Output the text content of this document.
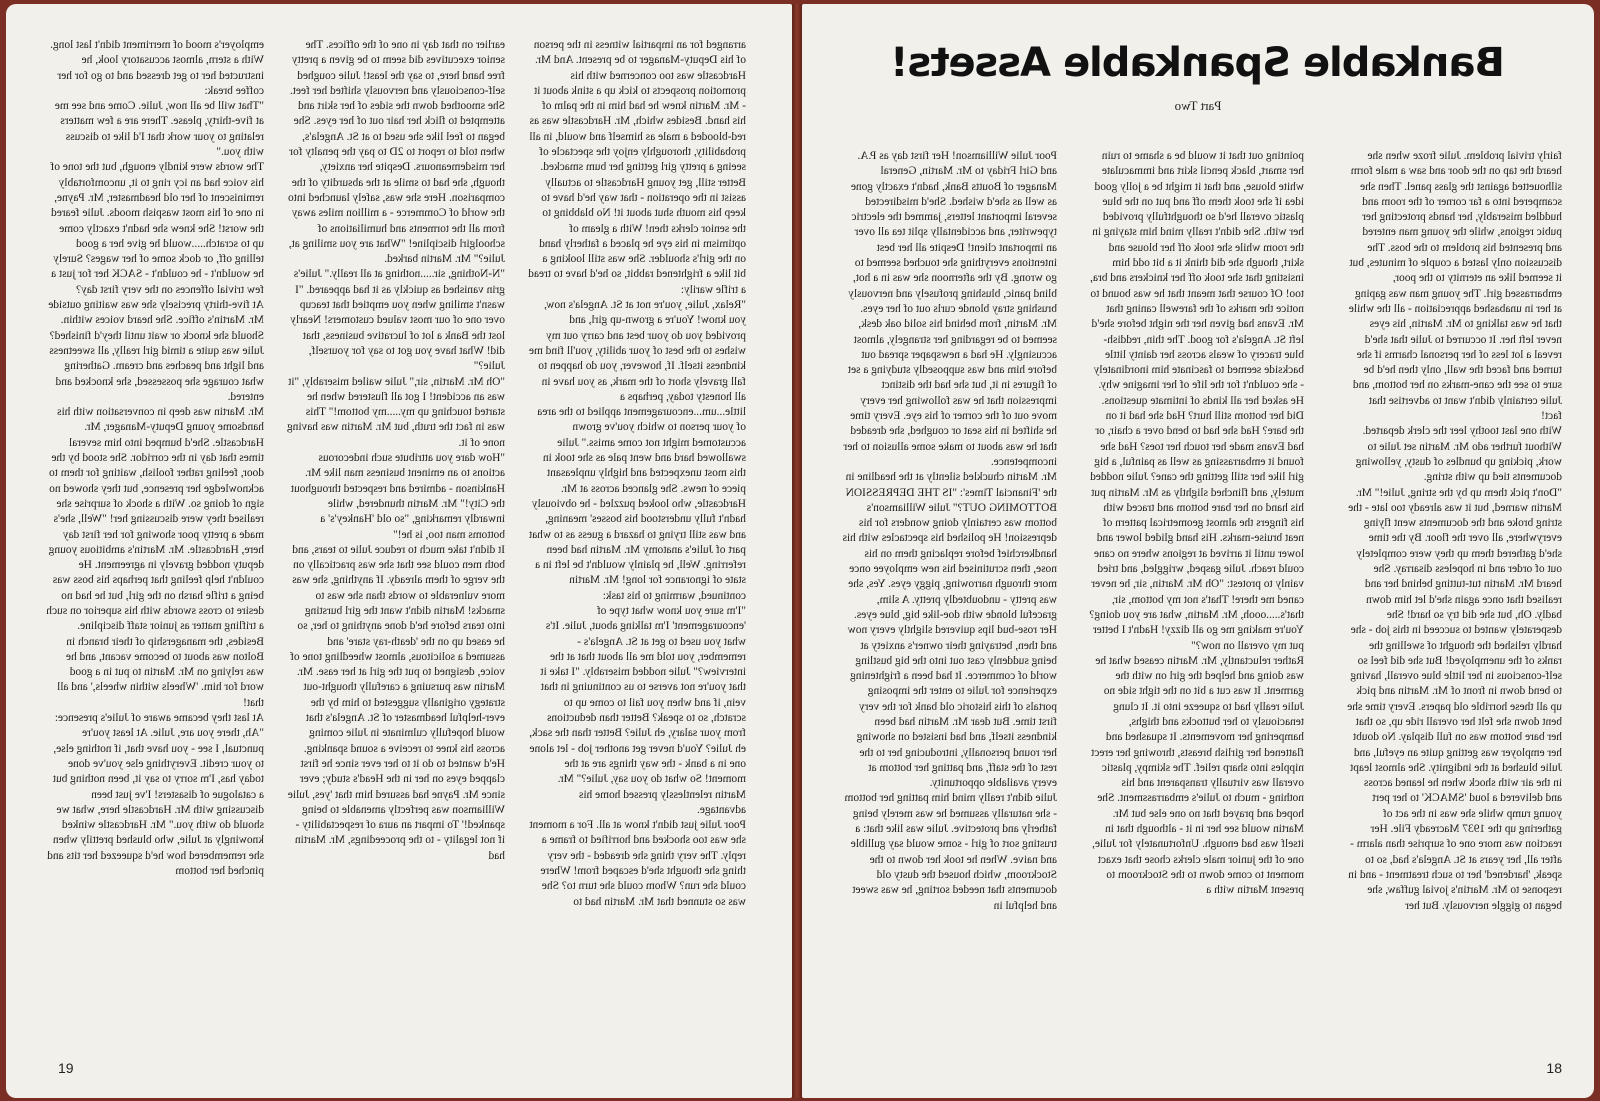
arranged for an impartial witness in the person of his Deputy-Manager to be present. And Mr. Hardcastle was too concerned with his promotion prospects to kick up a stink about it - Mr. Martin knew he had him in the palm of his hand. Besides which, Mr. Hardcastle was as red-blooded a male as himself and would, in all probability, thoroughly enjoy the spectacle of seeing a pretty girl getting her bum smacked. Better still, get young Hardcastle to actually assist in the operation - that way he'd have to keep his mouth shut about it! No blabbing to the senior clerks then! With a gleam of optimism in his eye he placed a fatherly hand on the girl's shoulder. She was still looking a bit like a frightened rabbit, so he'd have to tread a trifle warily:
"Relax, Julie, you're not at St. Angela's now, you know! You're a grown-up girl, and provided you do your best and carry out my wishes to the best of your ability, you'll find me kindness itself. If, however, you do happen to fall gravely short of the mark, as you have in all honesty today, perhaps a little...um...encouragement applied to the area of your person to which you've grown accustomed might not come amiss." Julie swallowed hard and went pale as she took in this most unexpected and highly unpleasant piece of news. She glanced across at Mr. Hardcastle, who looked puzzled - he obviously hadn't fully understood his bosses' meaning, and was still trying to hazard a guess as to what part of Julie's anatomy Mr. Martin had been referring. Well, he plainly wouldn't be left in a state of ignorance for long! Mr. Martin continued, warming to his task:
"I'm sure you know what type of 'encouragement' I'm talking about, Julie. It's what you used to get at St. Angela's - remember, you told me all about that at the interview?" Julie nodded miserably. "I take it that you're not averse to us continuing in that vein, if and when you fail to come up to scratch, so to speak? Better than deductions from your salary, eh Julie? Better than the sack, eh Julie? You'd never get another job - let alone one in a bank - the way things are at the moment! So what do you say, Julie?" Mr. Martin relentlessly pressed home his advantage.
Poor Julie just didn't know at all. For a moment she was too shocked and horrified to frame a reply. The very thing she dreaded - the very thing she thought she'd escaped from! Where could she run? Whom could she turn to? She was so stunned that Mr. Martin had to
earlier on that day in one of the offices. The senior executives did seem to be given a pretty free hand here, to say the least! Julie coughed self-consciously and nervously shifted her feet. She smoothed down the sides of her skirt and attempted to flick her hair out of her eyes. She began to feel like she used to at St. Angela's, when told to report to 2D to pay the penalty for her misdemeanours. Despite her anxiety, though, she had to smile at the absurdity of the comparison. Here she was, safely launched into the world of Commerce - a million miles away from all the torments and humiliations of schoolgirl discipline! "What are you smiling at, Julie?" Mr. Martin barked.
"N-Nothing, sir.....nothing at all really." Julie's grin vanished as quickly as it had appeared. "I wasn't smiling when you emptied that teacup over one of our most valued customers! Nearly lost the Bank a lot of lucrative business, that did! What have you got to say for yourself, Julie?"
"Oh Mr. Martin, sir," Julie wailed miserably, "it was an accident! I got all flustered when he started touching up my.....my bottom!" This was in fact the truth, but Mr. Martin was having none of it.
"How dare you attribute such indecorous actions to an eminent business man like Mr. Hankinson - admired and respected throughout the City!" Mr. Martin thundered, while inwardly remarking, "so old 'Hankey's' a bottoms man too, is he!"
It didn't take much to reduce Julie to tears, and both men could see that she was practically on the verge of them already. If anything, she was more vulnerable to words than she was to smacks! Martin didn't want the girl bursting into tears before he'd done anything to her, so he eased up on the 'death-ray stare' and assumed a solicitous, almost wheedling tone of voice, designed to put the girl at her ease. Mr. Martin was pursuing a carefully thought-out strategy originally suggested to him by the ever-helpful headmaster of St. Angela's that would hopefully culminate in Julie coming across his knee to receive a sound spanking. He'd wanted to do it to her ever since he first clapped eyes on her in the Head's study; ever since Mr. Payne had assured him that 'yes, Julie Williamson was perfectly amenable to being spanked!' To impart an aura of respectability - if not legality - to the proceedings, Mr. Martin had
employer's mood of merriment didn't last long. With a stern, almost accusatory look, he instructed her to get dressed and to go for her coffee break:
"That will be all now, Julie. Come and see me at five-thirty, please. There are a few matters relating to your work that I'd like to discuss with you."
The words were kindly enough, but the tone of his voice had an icy ring to it, uncomfortably reminiscent of her old headmaster, Mr. Payne, in one of his most waspish moods. Julie feared the worst! She knew she hadn't exactly come up to scratch.....would he give her a good telling off, or dock some of her wages? Surely he wouldn't - he couldn't - SACK her for just a few trivial offences on the very first day?
At five-thirty precisely she was waiting outside Mr. Martin's office. She heard voices within. Should she knock or wait until they'd finished? Julie was quite a timid girl really, all sweetness and light and peaches and cream. Gathering what courage she possessed, she knocked and entered.
Mr. Martin was deep in conversation with his handsome young Deputy-Manager, Mr. Hardcastle. She'd bumped into him several times that day in the corridor. She stood by the door, feeling rather foolish, waiting for them to acknowledge her presence, but they showed no sign of doing so. With a shock of surprise she realised they were discussing her! "Well, she's made a pretty poor showing for her first day here, Hardcastle. Mr. Martin's ambitious young deputy nodded gravely in agreement. He couldn't help feeling that perhaps his boss was being a trifle harsh on the girl, but he had no desire to cross swords with his superior on such a trifling matter as junior staff discipline. Besides, the managership of their branch in Bolton was about to become vacant, and he was relying on Mr. Martin to put in a good word for him. 'Wheels within wheels,' and all that!
At last they became aware of Julie's presence:
"Ah, there you are, Julie. At least you're punctual, I see - you have that, if nothing else, to your credit. Everything else you've done today has, I'm sorry to say it, been nothing but a catalogue of disasters! I've just been discussing with Mr. Hardcastle here, what we should do with you." Mr. Hardcastle winked knowingly at Julie, who blushed prettily when she remembered how he'd squeezed her tits and pinched her bottom
19
Bankable Spankable Assets!
Part Two
fairly trivial problem. Julie froze when she heard the tap on the door and saw a male form silhouetted against the glass panel. Then she scampered into a far corner of the room and huddled miserably, her hands protecting her pubic regions, while the young man entered and presented his problem to the boss. The discussion only lasted a couple of minutes, but it seemed like an eternity to the poor, embarrassed girl. The young man was gaping at her in unabashed appreciation - all the while that he was talking to Mr. Martin, his eyes never left her. It occurred to Julie that she'd reveal a lot less of her personal charms if she turned and faced the wall, only then he'd be sure to see the cane-marks on her bottom, and Julie certainly didn't want to advertise that fact!
With one last toothy leer the clerk departed. Without further ado Mr. Martin set Julie to work, picking up bundles of dusty, yellowing documents tied up with string.
"Don't pick them up by the string, Julie!" Mr. Martin warned, but it was already too late - the string broke and the documents went flying everywhere, all over the floor. By the time she'd gathered them up they were completely out of order and in hopeless disarray. She heard Mr. Martin tut-tutting behind her and realised that once again she'd let him down badly. Oh, but she did try so hard! She desperately wanted to succeed in this job - she hardly relished the thought of swelling the ranks of the unemployed! But she did feel so self-conscious in her little blue overall, having to bend down in front of Mr. Martin and pick up all these horrible old papers. Every time she bent down she felt her overall ride up, so that her bare bottom was on full display. No doubt her employer was getting quite an eyeful, and Julie blushed at the indignity. She almost leapt in the air with shock when he leaned across and delivered a loud 'SMACK' to her pert young rump while she was in the act of gathering up the 1937 Macready File. Her reaction was more one of surprise than alarm - after all, her years at St. Angela's had, so to speak, 'hardened' her to such treatment - and in response to Mr. Martin's jovial guffaw, she began to giggle nervously. But her
pointing out that it would be a shame to ruin her smart, black pencil skirt and immaculate white blouse, and that it might be a jolly good idea if she took them off and put on the blue plastic overall he'd so thoughtfully provided her with. She didn't really mind him staying in the room while she took off her blouse and skirt, though she did think it a bit odd him insisting that she took off her knickers and bra, too! Of course that meant that he was bound to notice the marks of the farewell caning that Mr. Evans had given her the night before she'd left St. Angela's for good. The thin, reddish-blue tracery of weals across her dainty little backside seemed to fascinate him inordinately - she couldn't for the life of her imagine why. He asked her all kinds of intimate questions. Did her bottom still hurt? Had she had it on the bare? Had she had to bend over a chair, or had Evans made her touch her toes? Had she found it embarrassing as well as painful, a big girl like her still getting the cane? Julie nodded mutely, and flinched slightly as Mr. Martin put his hand on her bare bottom and traced with his fingers the almost geometrical pattern of neat bruise-marks. His hand glided lower and lower until it arrived at regions where no cane could reach. Julie gasped, wriggled, and tried vainly to protest: "Oh Mr. Martin, sir, he never caned me there! That's not my bottom, sir, that's.....oooh, Mr. Martin, what are you doing? You're making me go all dizzy! Hadn't I better put my overall on now?"
Rather reluctantly, Mr. Martin ceased what he was doing and helped the girl on with the garment. It was cut a bit on the tight side no Julie really had to squeeze into it. It clung tenaciously to her buttocks and thighs, hampering her movements. It squashed and flattened her girlish breasts, throwing her erect nipples into sharp relief. The skimpy, plastic overall was virtually transparent and his nothing - much to Julie's embarrassment. She hoped and prayed that no one else but Mr. Martin would see her in it - although that in itself was bad enough. Unfortunately for Julie, one of the junior male clerks chose that exact moment to come down to the Stockroom to present Martin with a
Poor Julie Williamson! Her first day as P.A. and Girl Friday to Mr. Martin, General Manager of Boutts Bank, hadn't exactly gone as well as she'd wished. She'd misdirected several important letters, jammed the electric typewriter, and accidentally split tea all over an important client! Despite all her best intentions everything she touched seemed to go wrong. By the afternoon she was in a hot, blind panic, blushing profusely and nervously brushing stray blonde curls out of her eyes. Mr. Martin, from behind his solid oak desk, seemed to be regarding her strangely, almost accusingly. He had a newspaper spread out before him and was supposedly studying a set of figures in it, but she had the distinct impression that he was following her every move out of the corner of his eye. Every time he shifted in his seat or coughed, she dreaded that he was about to make some allusion to her incompetence.
Mr. Martin chuckled silently at the headline in the 'Financial Times': "IS THE DEPRESSION BOTTOMING OUT?" Julie Williamson's bottom was certainly doing wonders for his depression! He polished his spectacles with his handkerchief before replacing them on his nose, then scrutinised his new employee once more through narrowing, piggy eyes. Yes, she was pretty - undoubtedly pretty. A slim, graceful blonde with doe-like big, blue eyes. Her rose-bud lips quivered slightly every now and then, betraying their owner's anxiety at being suddenly cast out into the big bustling world of commerce. It had been a frightening experience for Julie to enter the imposing portals of this historic old bank for the very first time. But dear Mr. Martin had been kindness itself, and had insisted on showing her round personally, introducing her to the rest of the staff, and patting her bottom at every available opportunity.
Julie didn't really mind him patting her bottom - she naturally assumed he was merely being fatherly and protective. Julie was like that: a trusting sort of girl - some would say gullible and naive. When he took her down to the Stockroom, which housed the dusty old documents that needed sorting, he was sweet and helpful in
18
